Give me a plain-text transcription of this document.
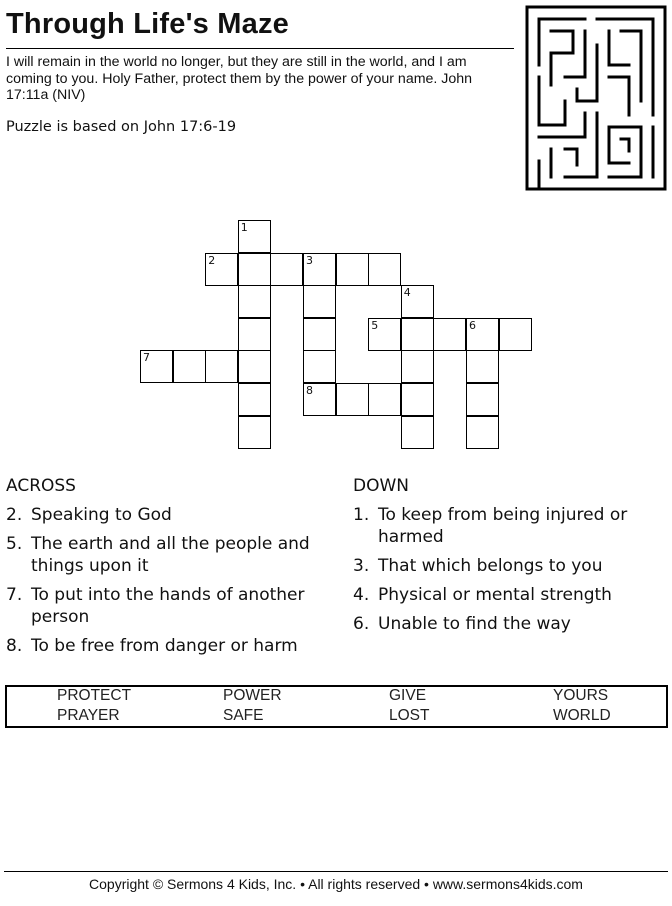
Through Life's Maze
I will remain in the world no longer, but they are still in the world, and I am coming to you. Holy Father, protect them by the power of your name. John 17:11a (NIV)
Puzzle is based on John 17:6-19
1
2	3
4
5	6
7
8
ACROSS
2. Speaking to God
5. The earth and all the people and things upon it
7. To put into the hands of another person
8. To be free from danger or harm
DOWN
1. To keep from being injured or harmed
3. That which belongs to you
4. Physical or mental strength
6. Unable to find the way
PROTECT	POWER	GIVE	YOURS
PRAYER	SAFE	LOST	WORLD
Copyright © Sermons 4 Kids, Inc. • All rights reserved • www.sermons4kids.com
